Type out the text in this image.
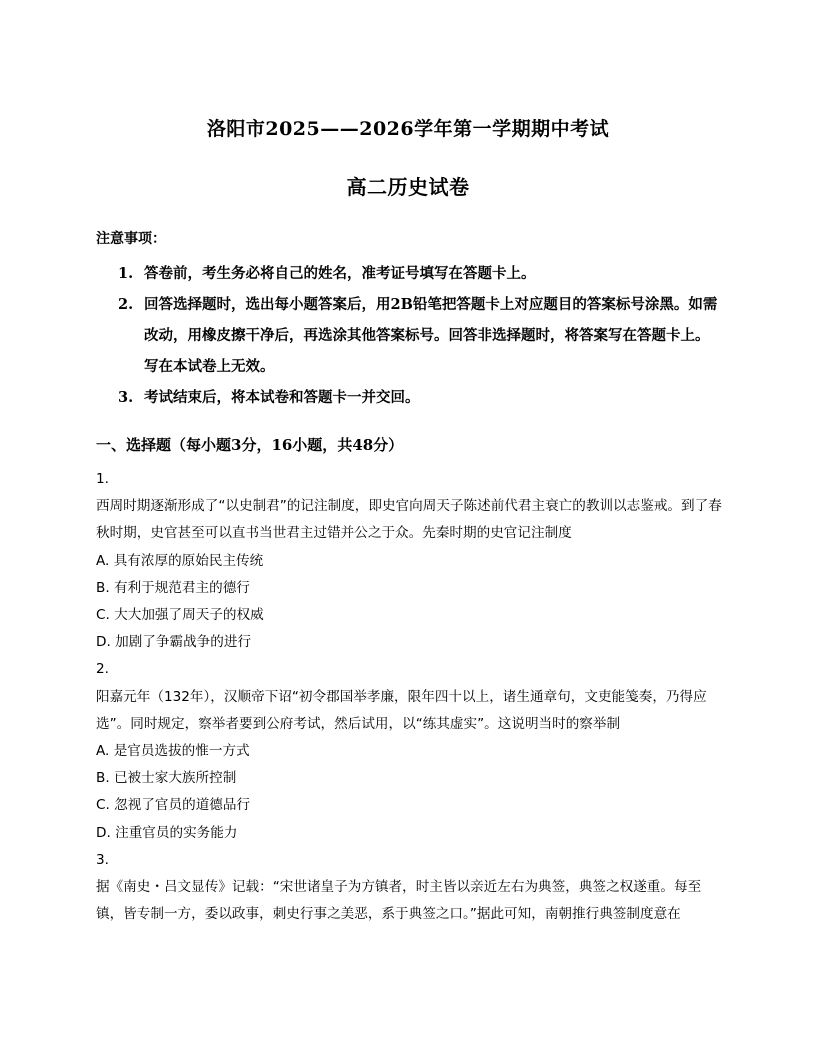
洛阳市2025——2026学年第一学期期中考试
高二历史试卷
注意事项：
1. 答卷前，考生务必将自己的姓名，准考证号填写在答题卡上。
2. 回答选择题时，选出每小题答案后，用2B铅笔把答题卡上对应题目的答案标号涂黑。如需改动，用橡皮擦干净后，再选涂其他答案标号。回答非选择题时，将答案写在答题卡上。写在本试卷上无效。
3. 考试结束后，将本试卷和答题卡一并交回。
一、选择题（每小题3分，16小题，共48分）
1.
西周时期逐渐形成了“以史制君”的记注制度，即史官向周天子陈述前代君主衰亡的教训以志鉴戒。到了春秋时期，史官甚至可以直书当世君主过错并公之于众。先秦时期的史官记注制度
A. 具有浓厚的原始民主传统
B. 有利于规范君主的德行
C. 大大加强了周天子的权威
D. 加剧了争霸战争的进行
2.
阳嘉元年（132年），汉顺帝下诏“初令郡国举孝廉，限年四十以上，诸生通章句，文吏能笺奏，乃得应选”。同时规定，察举者要到公府考试，然后试用，以“练其虚实”。这说明当时的察举制
A. 是官员选拔的惟一方式
B. 已被士家大族所控制
C. 忽视了官员的道德品行
D. 注重官员的实务能力
3.
据《南史・吕文显传》记载：“宋世诸皇子为方镇者，时主皆以亲近左右为典签，典签之权遂重。每至镇，皆专制一方，委以政事，刺史行事之美恶，系于典签之口。”据此可知，南朝推行典签制度意在
